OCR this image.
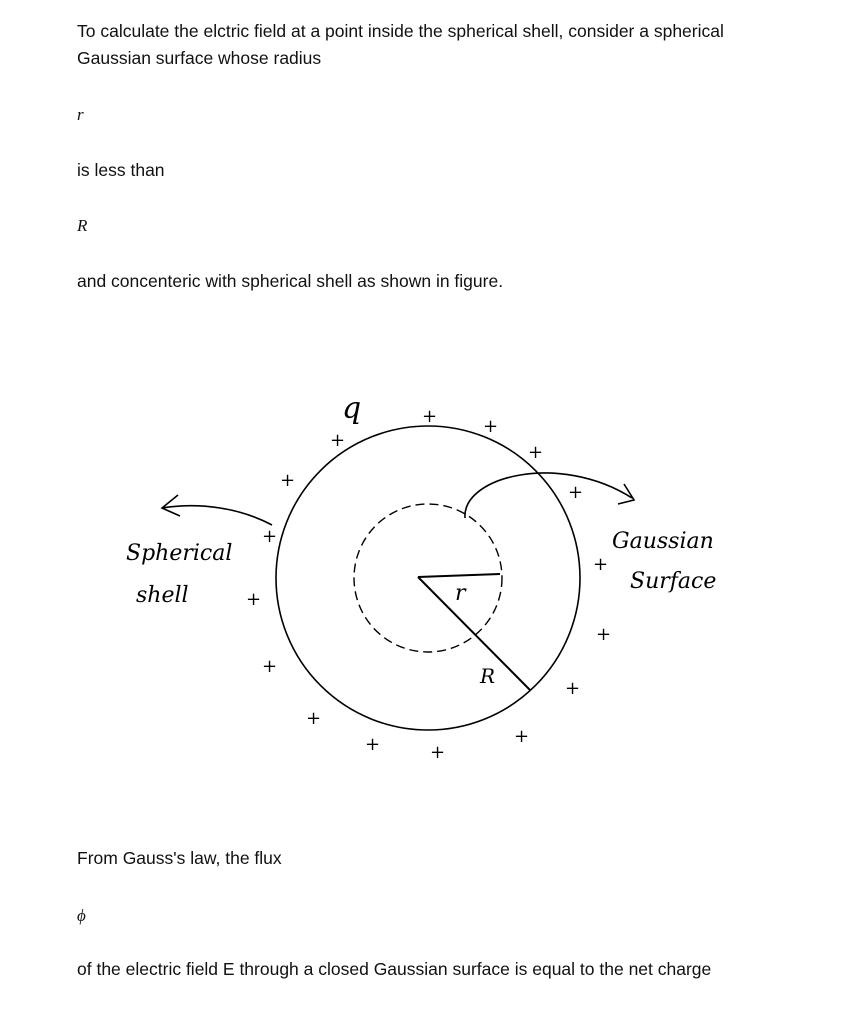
To calculate the elctric field at a point inside the spherical shell, consider a spherical Gaussian surface whose radius

r

is less than

R

and concenteric with spherical shell as shown in figure.

r
R
q	+	+
+
+
+
+
+
+
+
+
+
+
+
+
+	+
Spherical
shell
Gaussian
Surface

From Gauss's law, the flux

ϕ

of the electric field E through a closed Gaussian surface is equal to the net charge
